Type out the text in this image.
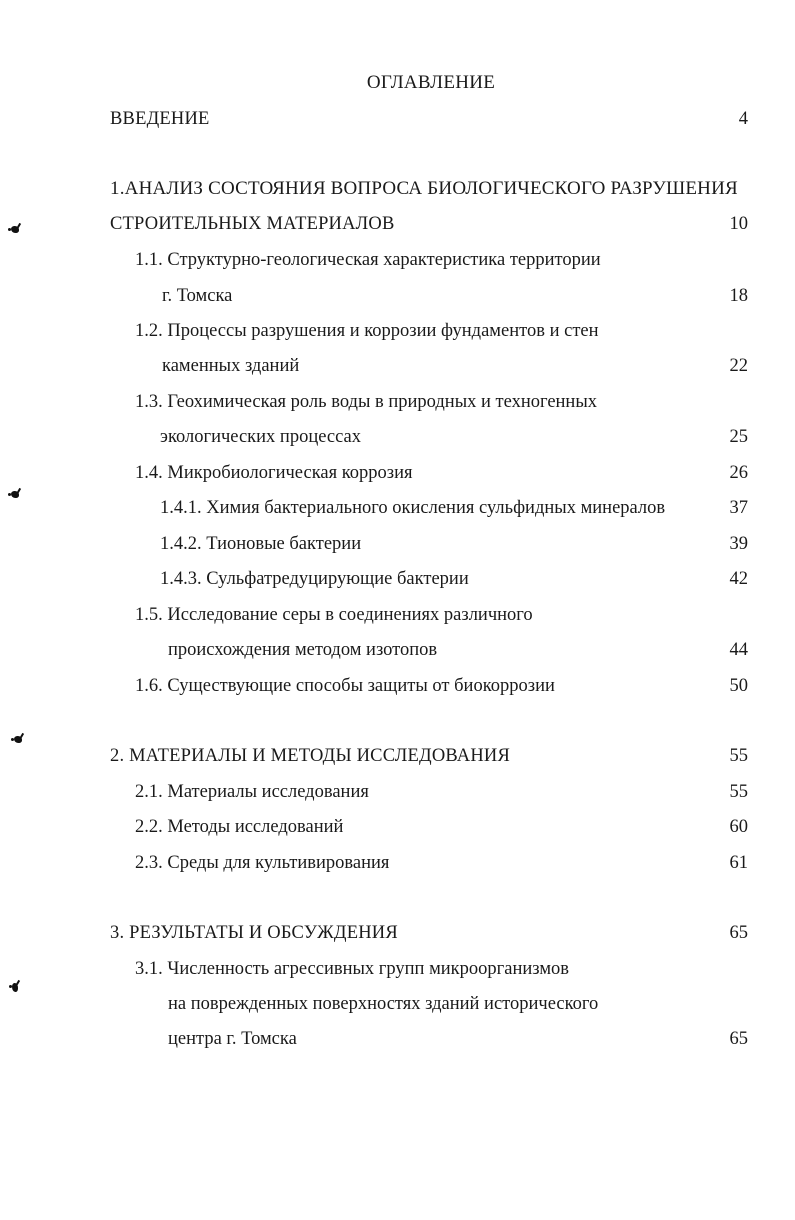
ОГЛАВЛЕНИЕ
ВВЕДЕНИЕ	4
1.АНАЛИЗ СОСТОЯНИЯ ВОПРОСА БИОЛОГИЧЕСКОГО РАЗРУШЕНИЯ
СТРОИТЕЛЬНЫХ МАТЕРИАЛОВ	10
1.1. Структурно-геологическая характеристика территории
г. Томска	18
1.2. Процессы разрушения и коррозии фундаментов и стен
каменных зданий	22
1.3. Геохимическая роль воды в природных и техногенных
экологических процессах	25
1.4. Микробиологическая коррозия	26
1.4.1. Химия бактериального окисления сульфидных минералов	37
1.4.2. Тионовые бактерии	39
1.4.3. Сульфатредуцирующие бактерии	42
1.5. Исследование серы в соединениях различного
происхождения методом изотопов	44
1.6. Существующие способы защиты от биокоррозии	50
2. МАТЕРИАЛЫ И МЕТОДЫ ИССЛЕДОВАНИЯ	55
2.1. Материалы исследования	55
2.2. Методы исследований	60
2.3. Среды для культивирования	61
3. РЕЗУЛЬТАТЫ И ОБСУЖДЕНИЯ	65
3.1. Численность агрессивных групп микроорганизмов
на поврежденных поверхностях зданий исторического
центра г. Томска	65
